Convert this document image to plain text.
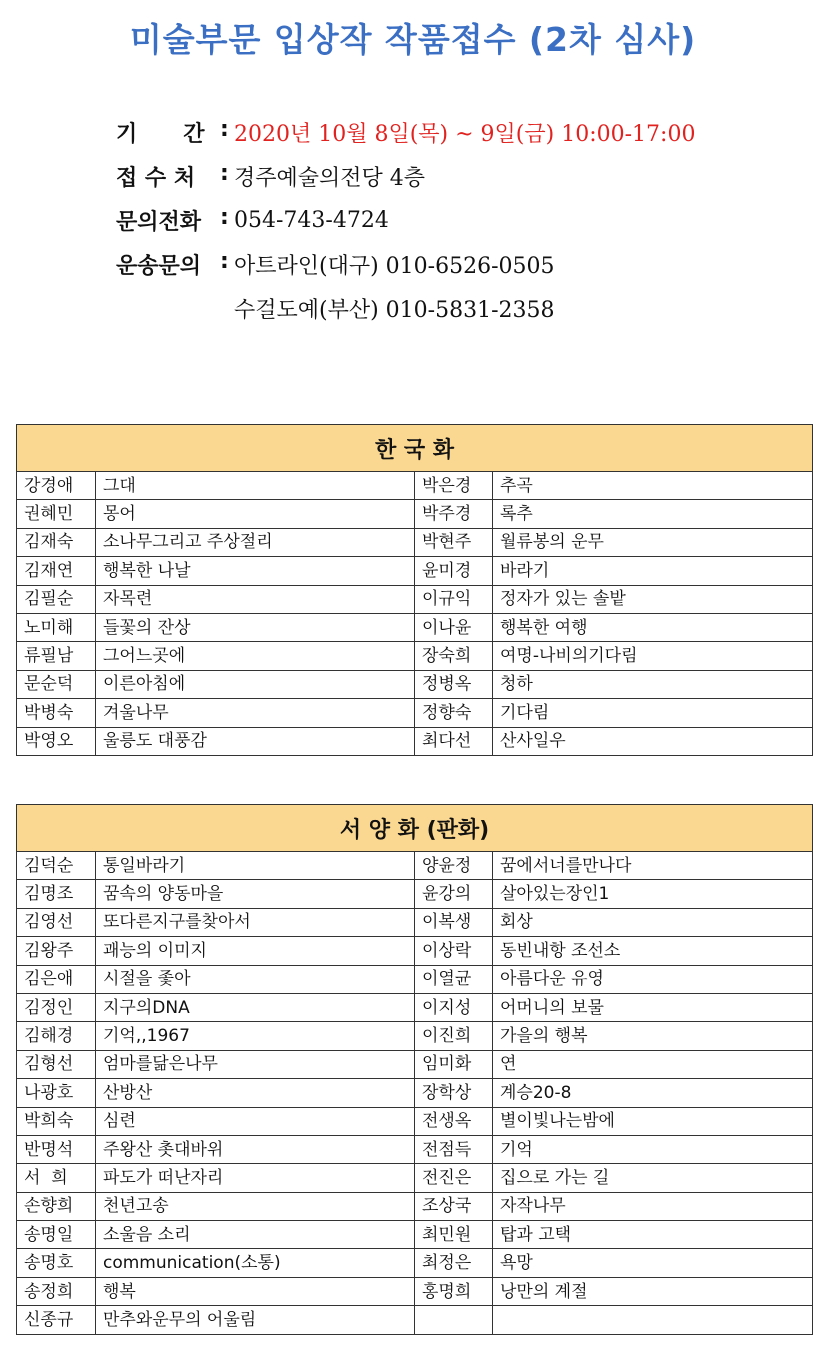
미술부문 입상작 작품접수 (2차 심사)
기      간 : 2020년 10월 8일(목) ~ 9일(금) 10:00-17:00
접 수 처	: 경주예술의전당 4층
문의전화 : 054-743-4724
운송문의 : 아트라인(대구) 010-6526-0505
수걸도예(부산) 010-5831-2358
한 국 화			
강경애	그대	박은경	추곡
권혜민	몽어	박주경	록추
김재숙	소나무그리고 주상절리	박현주	월류봉의 운무
김재연	행복한 나날	윤미경	바라기
김필순	자목련	이규익	정자가 있는 솔밭
노미해	들꽃의 잔상	이나윤	행복한 여행
류필남	그어느곳에	장숙희	여명-나비의기다림
문순덕	이른아침에	정병옥	청하
박병숙	겨울나무	정향숙	기다림
박영오	울릉도 대풍감	최다선	산사일우
서 양 화 (판화)			
김덕순	통일바라기	양윤정	꿈에서너를만나다
김명조	꿈속의 양동마을	윤강의	살아있는장인1
김영선	또다른지구를찾아서	이복생	회상
김왕주	괘능의 이미지	이상락	동빈내항 조선소
김은애	시절을 좇아	이열균	아름다운 유영
김정인	지구의DNA	이지성	어머니의 보물
김해경	기억,,1967	이진희	가을의 행복
김형선	엄마를닮은나무	임미화	연
나광호	산방산	장학상	계승20-8
박희숙	심련	전생옥	별이빛나는밤에
반명석	주왕산 촛대바위	전점득	기억
서  희	파도가 떠난자리	전진은	집으로 가는 길
손향희	천년고송	조상국	자작나무
송명일	소울음 소리	최민원	탑과 고택
송명호	communication(소통)	최정은	욕망
송정희	행복	홍명희	낭만의 계절
신종규	만추와운무의 어울림		
